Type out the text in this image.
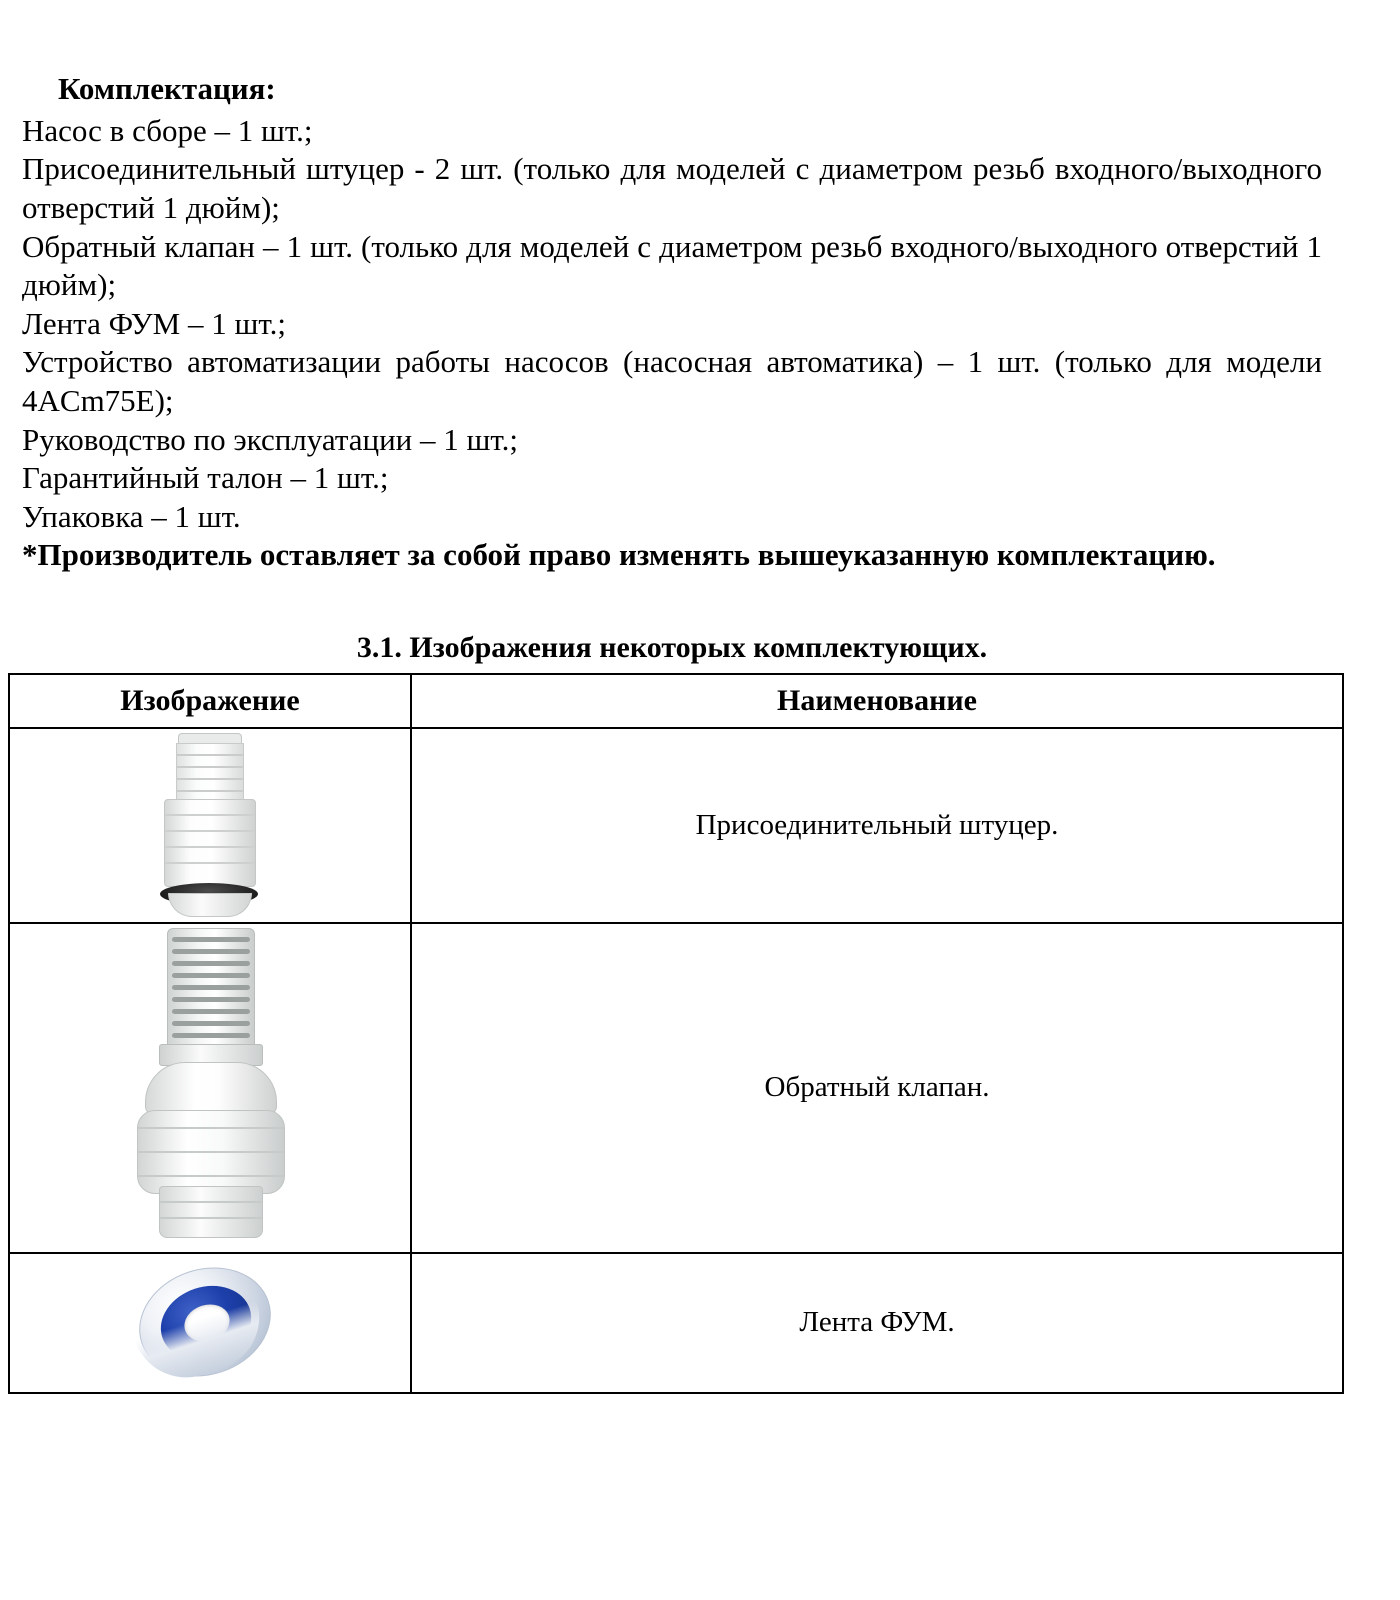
Комплектация:

Насос в сборе – 1 шт.;

Присоединительный штуцер - 2 шт. (только для моделей с диаметром резьб входного/выходного отверстий 1 дюйм);

Обратный клапан – 1 шт. (только для моделей с диаметром резьб входного/выходного отверстий 1 дюйм);

Лента ФУМ – 1 шт.;

Устройство автоматизации работы насосов (насосная автоматика) – 1 шт. (только для модели 4ACm75E);

Руководство по эксплуатации – 1 шт.;

Гарантийный талон – 1 шт.;

Упаковка – 1 шт.

*Производитель оставляет за собой право изменять вышеуказанную комплектацию.

3.1. Изображения некоторых комплектующих.
Изображение	Наименование

	Присоединительный штуцер.

	Обратный клапан.

	Лента ФУМ.
